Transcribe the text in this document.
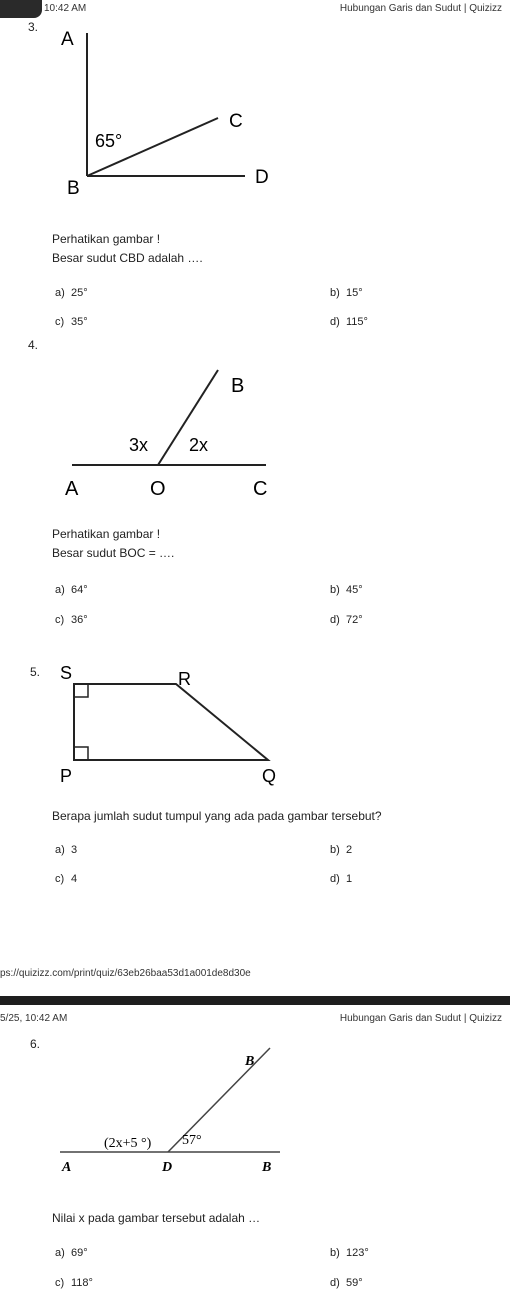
10:42 AM	Hubungan Garis dan Sudut | Quizizz
3.
A
B
C
D
65°
Perhatikan gambar !
Besar sudut CBD adalah ….
a) 25°	b) 15°
c) 35°	d) 115°
4.
B
A	O	C
3x 2x
Perhatikan gambar !
Besar sudut BOC = ….
a) 64°	b) 45°
c) 36°	d) 72°
5. S	R
P	Q
Berapa jumlah sudut tumpul yang ada pada gambar tersebut?
a) 3	b) 2
c) 4	d) 1
ps://quizizz.com/print/quiz/63eb26baa53d1a001de8d30e
5/25, 10:42 AM	Hubungan Garis dan Sudut | Quizizz
6.
B
(2x+5 °) 57°
A	D	B
Nilai x pada gambar tersebut adalah …
a) 69°	b) 123°
c) 118°	d) 59°
